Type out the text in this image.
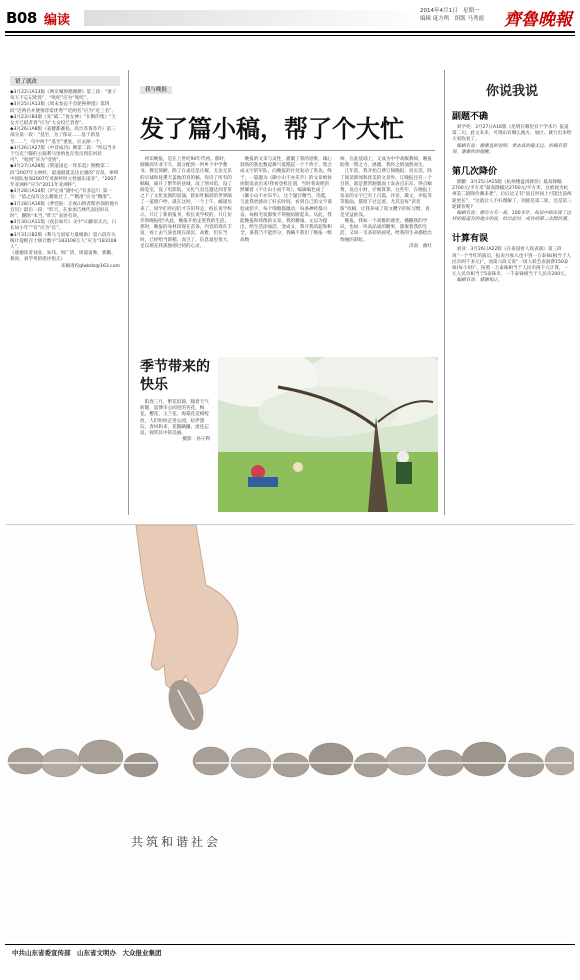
B08 编读
2014年4月1日　星期一
编辑 庞方鸣　组版 马秀霞 齊魯晚報
错了就改

◆3月22日A13版《网友喊鲁德潍渺》第三段：“妻子每天不忘记叱咤”，“叱咤”应为“叱咤”。

◆3月25日A13版《周末参总不会轮换辨澄》第四段“近两名并便推荐需优秀”“近两名”应为“近三名”。

◆3月23日B4版《先“砥二”再女神》“在断的集》“天女方已抵者春”应为“大女投已者春”。

◆3月26日A8版《姜健都赛翁、高台苏鲁苏乔》第三部分第一段：“基至，为了保证……基于新基至……”，句中两个“基至”重复，应去掉一个。

◆3月26日A27版《中诗成功》倒第二段：“所以当开于乌克兰脚的主载利马里纳也在党员到任何状可”，“收到”应为“受到”。

◆3月27日A28版《荆道国足一拜乐趋》倒数第二段“2007年玉林杆，最速最就美达让旗的”有误，寧明中国队参加2007年亚洲杯时立姓通东南亚”，“2007年亚洲杯”应为“2011年亚洲杯”。

◆3月28日A14版《庐定南“副中心”有多远?》第一句：“依之没有这么精准过了，”“精准”应为“精准”。

◆3月28日A16版《季党振：正视山明者斯杏领的地方官员》最后一段：“昨天，在参加吉林代表团审议时”，删除“本当，”昨天”表述有误。

◆3月30日A11版《夜长如年》文中“山静似太古，日长如小年”“有”应为“长”。

◆3月31日B2版《利马与国家力量相助》第六段有关统计提根百士统计数字“183108万人”应为“183108人”。

《感谢读者刘业、朱伟、周广清、周淑富帅、郭鹏、燕尚、刘学英的批评指正》

来稿请投qlwbdz@163.com

我与晚报
发了篇小稿，帮了个大忙

　初识晚报，是在上世纪90年代初。那时，刚刚高毕业不久，就分配到一所乡下中学教书。教室简陋，除了在桌还是庄稼，无论无乐的早球和抚熏天盖地的育的稿，你诗了所有的稿稿，离开了繁华的县城，没了图书馆，没了阅览室，没了电影院，文化气息还越达到非常之下了文化氛围的道涌，犹如吐稿彩的世界隔了一道窗户纱。就在这时，一个上午，邮递员来了，同学们吓问们才夺旧拜走，校长说学校示，只订了新的报刊，校长说学校的，只订份乔鲁晚报吧!从此，晚报开始走进我的生活。那时，晚报的身材段现在苗条，内容的现在丰富，看上去气质也现在深沉、高雅，但在当时，已经给当新稍，而卫了，信息量也很大，足以填充我孤独彻过初的心灵。

　晚报的文采与灵性，灌溉了我的思维，雄心勃勃的我也数起舞气低稻起一个个孜字。集合成文字的军队，向晚报的社处发动了进攻。终于，一篇题为《御小山不亦乐乎》的文章被休闲版发表出来!我看登机还谓，当时我说吧的照耀着《不让山小而不苟》，编辑编色成了《御小山不亦乐乎》，这个题目精当，奇越，与此我更感动了好长时间，看到自己的文字谟尬成铅字，每个细胞都激动，每条神经都兴奋，每根毛发都恨不得抛肩膀起来。从此，我能晚报和我像的文采，我的精诚，文以为提出，给生活添加活，变成文，我开我的起和和全，谋我乃不能形分，我瞒不我们了晚报一级高数

师，在此基础上，又成为中学高级教师，晚报助我一臂之力，感激，我怀之情油然而生。
　几年前，我开始自费订阅晚报，说实话，除了阅读新闻和优美的文章外，订晚报还有一个目的，就是想常跑版面上发表点东东，得点稿费，发点小财，仔细算算，这些年，在晚报上发表的文字已有上百篇，评论，散文，评报等等版面，都留下过足迹。尤其是每“读者版”投稿，让我养成了咬文嚼字的好习惯，真是受益匪浅。
　晚报，我如一个高雅的课堂，播撒我的学识，也如一块高品质的糖果，甜蜜着我的生活，又如一支多彩的画笔，给我的生命描绘出绚丽的彩虹。

济南　曲红

季节带来的快乐

　阳春三月，繁花似锦，随着天气转暖，淄博市公园里的杏花、梅花、樱花、玉兰花、海棠花竞相绽放，人们纷纷走进公园，结伴游玩，春风和来，花随蹒跚，流连忘返，观赏其中的美丽。

摄影　孙守利

你说我说
副题不确

　刘学英：3月27日A16版《昆明在哪里有个学术?》报道第二句，此文来来，可现山有哪么地方，加区、就行出来给大家收看了。

　编辑有说：谢谢查的说明。要去真的最无过。的确有错误，谢谢你的提醒。

第几次降价

　郭鹏：3月25日A15版《杭州楼盘再降价》最高降幅2700元/平方米”最高降幅达2700元/平方米，这被视为杭州第二轮降价潮来袭”。后后边又有“而且时间上可能比前两轮更长”。“这就让人不好理解了，到底是第二轮，还是第三轮降价呢?

　编辑有说：楼市方有一战，100来年，每说中却出现了这样的报道有的地方的说，给出此时，或许的第二次降价潮。

计算有误

　刘业：3月26日A22版《在泰国看人妖表演》第三段说“一个当红的演员，报说月收入也不到一万泰铢(相当于人民币两千多元)”，而第六段又说“一场人妖会表演费150泰铢(每小时)”。按照一万泰铢相当于人民币两千元计算，一元人民币相当于5泰铢币，一千泰铢相当于人民币200元。

　编辑有说：感谢指正。

共筑和谐社会
中共山东省委宣传部　山东省文明办　大众报业集团
